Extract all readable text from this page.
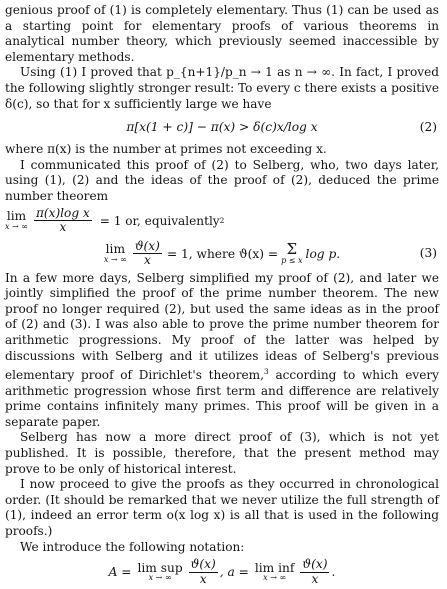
genious proof of (1) is completely elementary. Thus (1) can be used as a starting point for elementary proofs of various theorems in analytical number theory, which previously seemed inaccessible by elementary methods.

Using (1) I proved that p_{n+1}/p_n → 1 as n → ∞. In fact, I proved the following slightly stronger result: To every c there exists a positive δ(c), so that for x sufficiently large we have

π[x(1 + c)] − π(x) > δ(c)x/log x	(2)

where π(x) is the number at primes not exceeding x.

I communicated this proof of (2) to Selberg, who, two days later, using (1), (2) and the ideas of the proof of (2), deduced the prime number theorem

lim
x → ∞ $\frac{\text{π(x)log x}}{x} = 1$ or, equivalently 2
lim
x → ∞ $\frac{ϑ(x)}{x} = 1$, where ϑ(x) = Σ
p ≤ x log p.	(3)

In a few more days, Selberg simplified my proof of (2), and later we jointly simplified the proof of the prime number theorem. The new proof no longer required (2), but used the same ideas as in the proof of (2) and (3). I was also able to prove the prime number theorem for arithmetic progressions. My proof of the latter was helped by discussions with Selberg and it utilizes ideas of Selberg's previous elementary proof of Dirichlet's theorem,$^3$ according to which every arithmetic progression whose first term and difference are relatively prime contains infinitely many primes. This proof will be given in a separate paper.

Selberg has now a more direct proof of (3), which is not yet published. It is possible, therefore, that the present method may prove to be only of historical interest.

I now proceed to give the proofs as they occurred in chronological order. (It should be remarked that we never utilize the full strength of (1), indeed an error term o(x log x) is all that is used in the following proofs.)

We introduce the following notation:

A = lim sup
x → ∞	$\frac{ϑ(x)}{x}$ , a = lim inf
x → ∞	$\frac{ϑ(x)}{x}$ .
